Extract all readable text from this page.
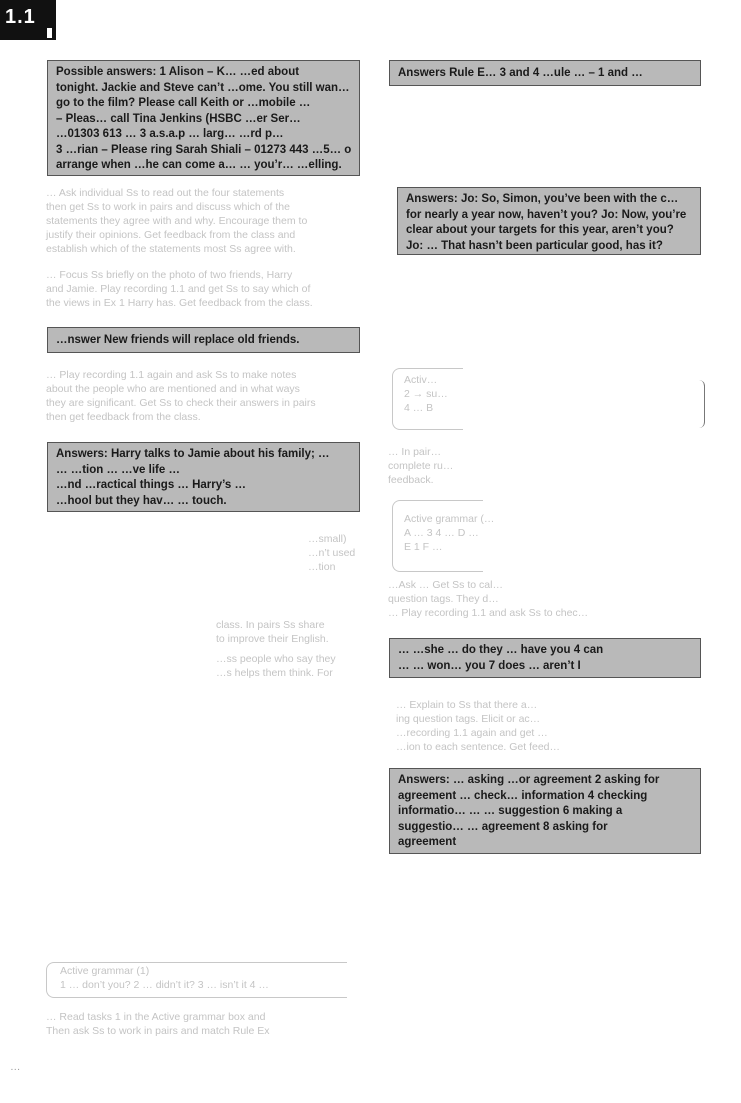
1.1
Possible answers: 1 Alison – K… …ed about
tonight. Jackie and Steve can’t …ome. You still wan…
go to the film? Please call Keith or …mobile …
– Pleas… call Tina Jenkins (HSBC …er Ser…
…01303 613 … 3 a.s.a.p … larg… …rd p…
3 …rian – Please ring Sarah Shiali – 01273 443 …5… o
arrange when …he can come a… … you’r… …elling.
… Ask individual Ss to read out the four statements
then get Ss to work in pairs and discuss which of the
statements they agree with and why. Encourage them to
justify their opinions. Get feedback from the class and
establish which of the statements most Ss agree with.
… Focus Ss briefly on the photo of two friends, Harry
and Jamie. Play recording 1.1 and get Ss to say which of
the views in Ex 1 Harry has. Get feedback from the class.
…nswer New friends will replace old friends.
… Play recording 1.1 again and ask Ss to make notes
about the people who are mentioned and in what ways
they are significant. Get Ss to check their answers in pairs
then get feedback from the class.
Answers: Harry talks to Jamie about his family; …
… …tion … …ve life …
…nd …ractical things … Harry’s …
…hool but they hav… … touch.
…small)
…n’t used
…tion
class. In pairs Ss share
to improve their English.
…ss people who say they
…s helps them think. For
Active grammar (1)
1 … don’t you? 2 … didn’t it? 3 … isn’t it 4 …
… Read tasks 1 in the Active grammar box and
Then ask Ss to work in pairs and match Rule Ex
Answers Rule E… 3 and 4 …ule … – 1 and …
Answers: Jo: So, Simon, you’ve been with the c…
for nearly a year now, haven’t you? Jo: Now, you’re
clear about your targets for this year, aren’t you?
Jo: … That hasn’t been particular good, has it?
Activ…
2 → su…
4 … B
… In pair…
complete ru…
feedback.
Active grammar (…
A … 3 4 … D …
E 1 F …
…Ask … Get Ss to cal…
question tags. They d…
… Play recording 1.1 and ask Ss to chec…
… …she … do they … have you 4 can
… … won… you 7 does … aren’t I
… Explain to Ss that there a…
ing question tags. Elicit or ac…
…recording 1.1 again and get …
…ion to each sentence. Get feed…
Answers: … asking …or agreement 2 asking for
agreement … check… information 4 checking
informatio… … … suggestion 6 making a
suggestio… … agreement 8 asking for
agreement
…
